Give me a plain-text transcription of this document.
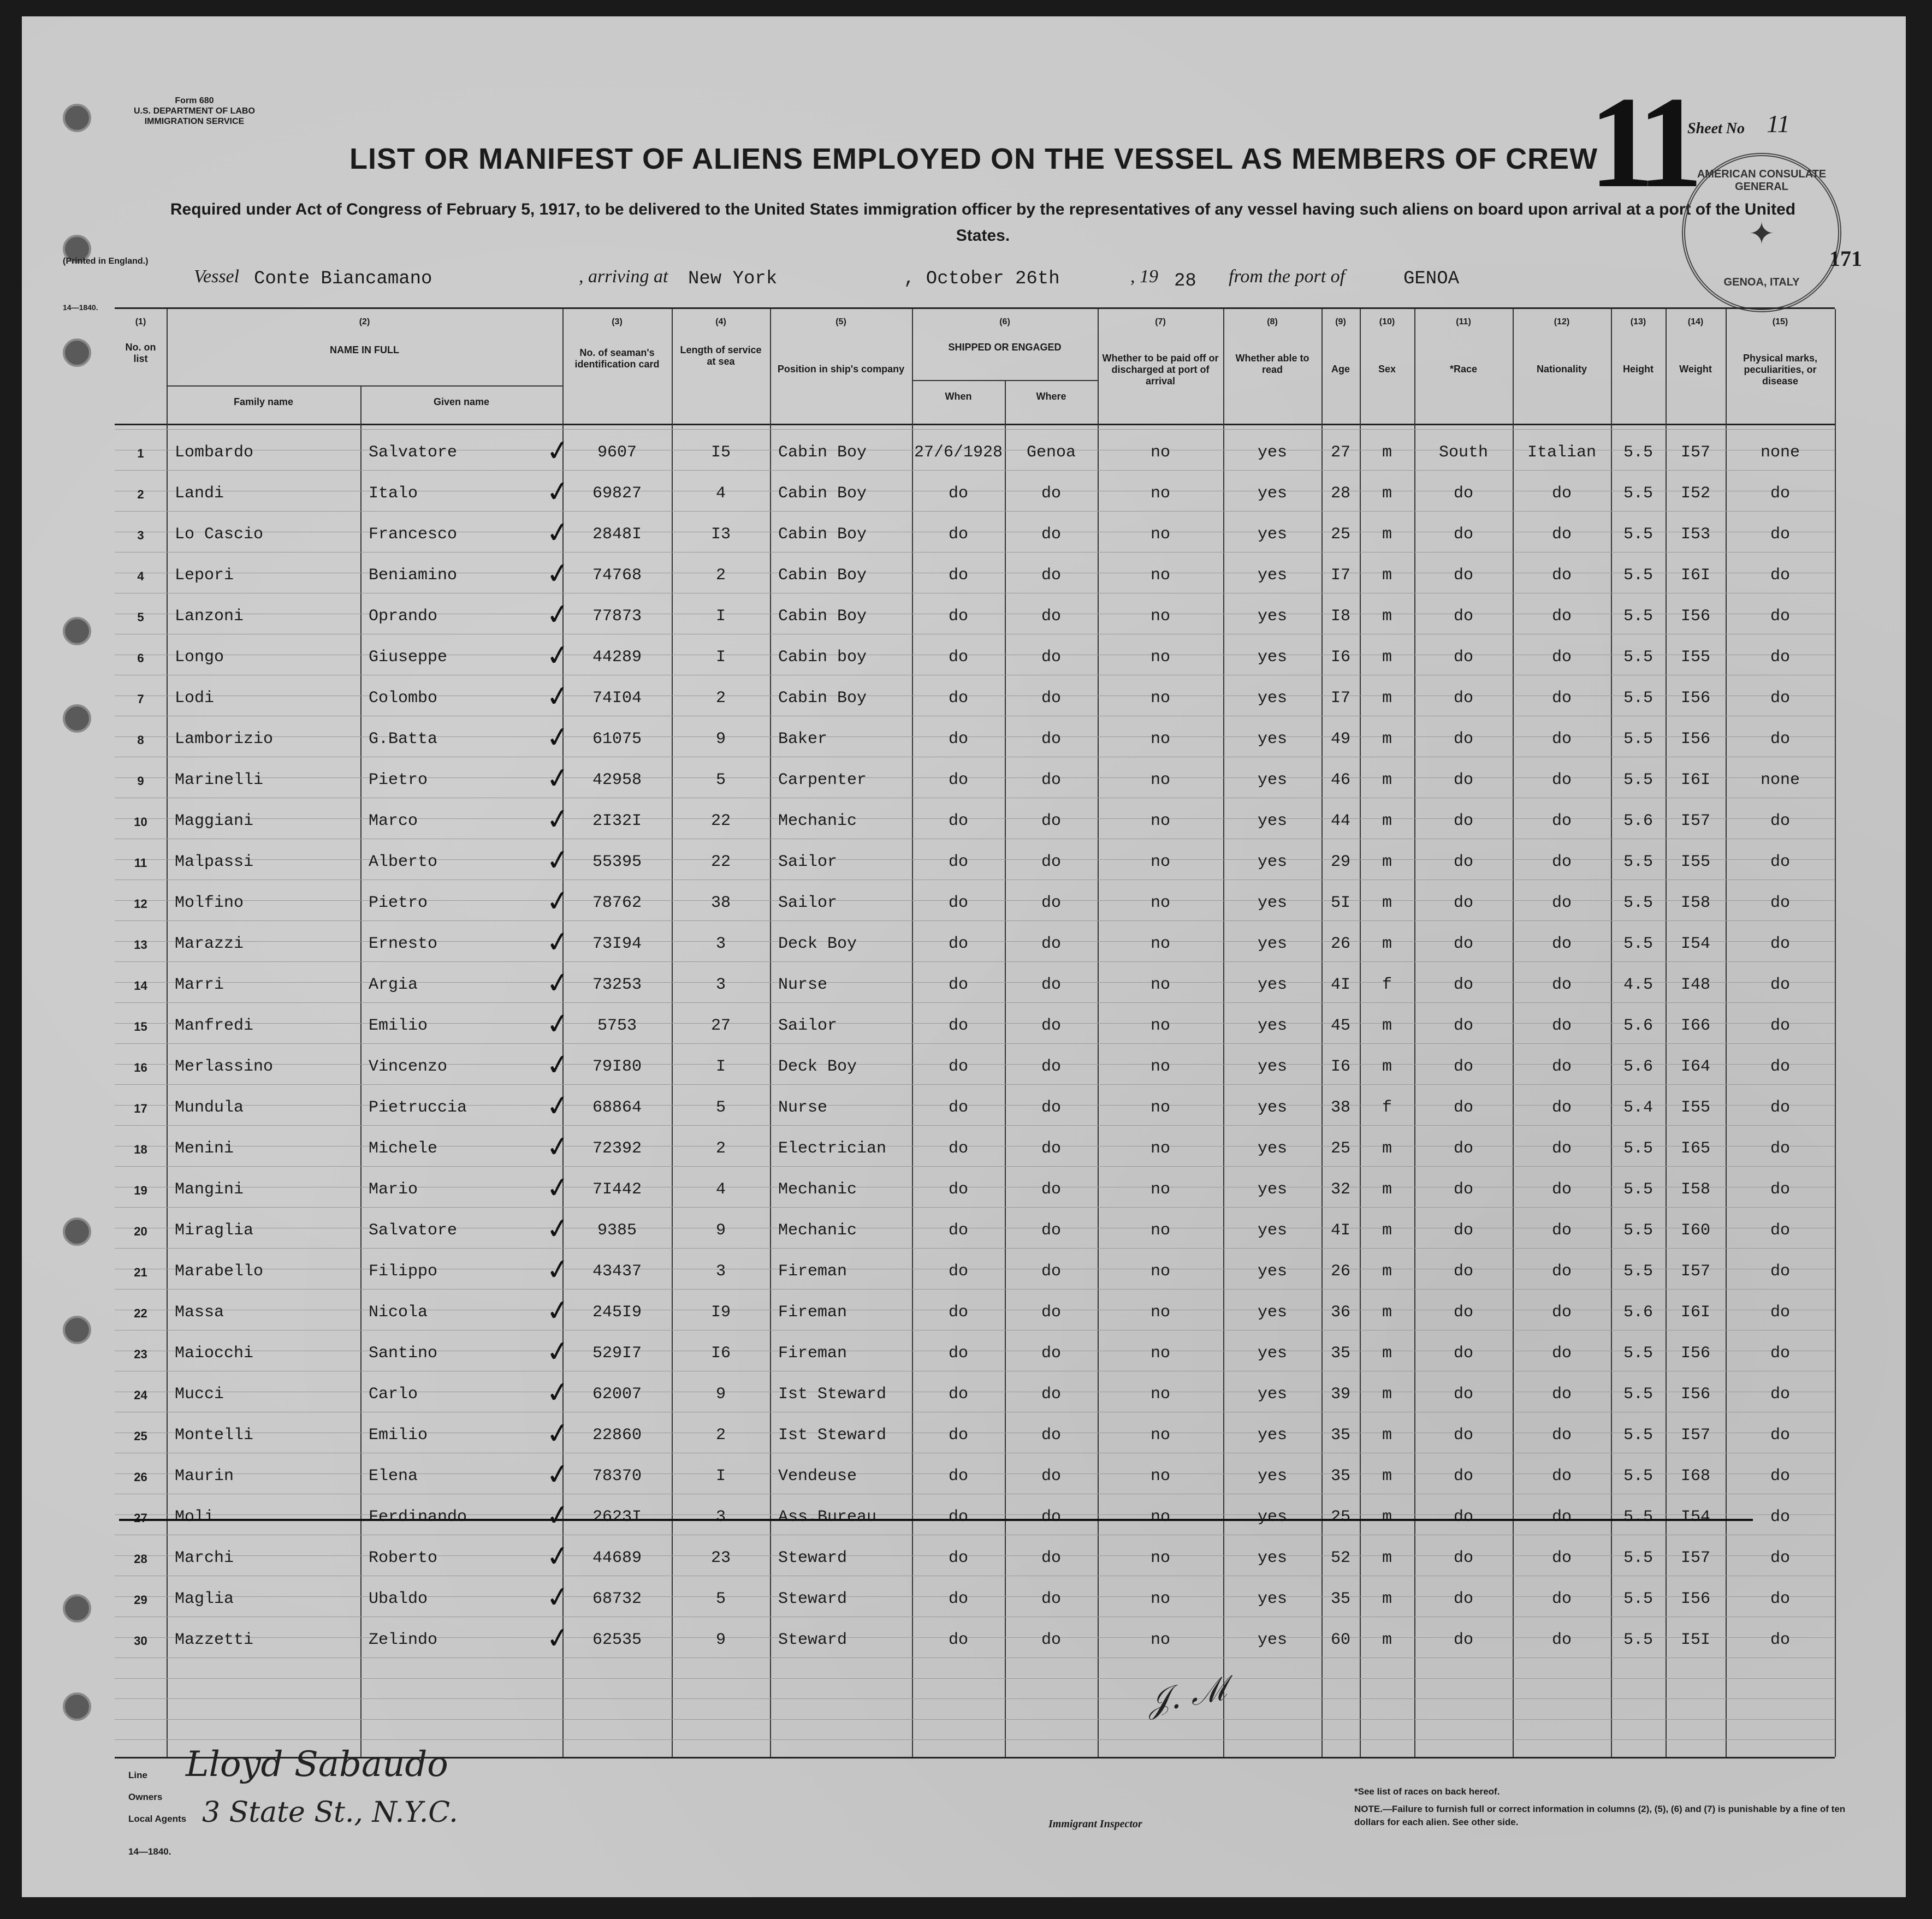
Form 680
U.S. DEPARTMENT OF LABO
IMMIGRATION SERVICE	11
Sheet No 11
LIST OR MANIFEST OF ALIENS EMPLOYED ON THE VESSEL AS MEMBERS OF CREW
Required under Act of Congress of February 5, 1917, to be delivered to the United States immigration officer by the representatives of any vessel having such aliens on board upon arrival at a port of the United States.
AMERICAN CONSULATE GENERAL
✦
GENOA, ITALY
171
(Printed in England.)
14—1840.
Vessel Conte Biancamano	, arriving at New York	, October 26th	, 19 28 from the port of	GENOA
Family name	Given name	When	Where
(1)
No. on list
(2)
NAME IN FULL
(3)
No. of seaman's identification card
(4)
Length of service at sea
(5)
Position in ship's company
(6)
SHIPPED OR ENGAGED
(7)
Whether to be paid off or discharged at port of arrival
(8)
Whether able to read
(9)
Age
(10)
Sex
(11)
*Race
(12)
Nationality
(13)
Height
(14)
Weight
(15)
Physical marks, peculiarities, or disease
1	Lombardo	Salvatore	9607	I5	Cabin Boy	27/6/1928	Genoa	no	yes	27	m	South	Italian	5.5	I57	none
✓
2	Landi	Italo	69827	4	Cabin Boy	do	do	no	yes	28	m	do	do	5.5	I52	do
✓
3	Lo Cascio	Francesco	2848I	I3	Cabin Boy	do	do	no	yes	25	m	do	do	5.5	I53	do
✓
4	Lepori	Beniamino	74768	2	Cabin Boy	do	do	no	yes	I7	m	do	do	5.5	I6I	do
✓
5	Lanzoni	Oprando	77873	I	Cabin Boy	do	do	no	yes	I8	m	do	do	5.5	I56	do
✓
6	Longo	Giuseppe	44289	I	Cabin boy	do	do	no	yes	I6	m	do	do	5.5	I55	do
✓
7	Lodi	Colombo	74I04	2	Cabin Boy	do	do	no	yes	I7	m	do	do	5.5	I56	do
✓
8	Lamborizio	G.Batta	61075	9	Baker	do	do	no	yes	49	m	do	do	5.5	I56	do
✓
9	Marinelli	Pietro	42958	5	Carpenter	do	do	no	yes	46	m	do	do	5.5	I6I	none
✓
10	Maggiani	Marco	2I32I	22	Mechanic	do	do	no	yes	44	m	do	do	5.6	I57	do
✓
11	Malpassi	Alberto	55395	22	Sailor	do	do	no	yes	29	m	do	do	5.5	I55	do
✓
12	Molfino	Pietro	78762	38	Sailor	do	do	no	yes	5I	m	do	do	5.5	I58	do
✓
13	Marazzi	Ernesto	73I94	3	Deck Boy	do	do	no	yes	26	m	do	do	5.5	I54	do
✓
14	Marri	Argia	73253	3	Nurse	do	do	no	yes	4I	f	do	do	4.5	I48	do
✓
15	Manfredi	Emilio	5753	27	Sailor	do	do	no	yes	45	m	do	do	5.6	I66	do
✓
16	Merlassino	Vincenzo	79I80	I	Deck Boy	do	do	no	yes	I6	m	do	do	5.6	I64	do
✓
17	Mundula	Pietruccia	68864	5	Nurse	do	do	no	yes	38	f	do	do	5.4	I55	do
✓
18	Menini	Michele	72392	2	Electrician	do	do	no	yes	25	m	do	do	5.5	I65	do
✓
19	Mangini	Mario	7I442	4	Mechanic	do	do	no	yes	32	m	do	do	5.5	I58	do
✓
20	Miraglia	Salvatore	9385	9	Mechanic	do	do	no	yes	4I	m	do	do	5.5	I60	do
✓
21	Marabello	Filippo	43437	3	Fireman	do	do	no	yes	26	m	do	do	5.5	I57	do
✓
22	Massa	Nicola	245I9	I9	Fireman	do	do	no	yes	36	m	do	do	5.6	I6I	do
✓
23	Maiocchi	Santino	529I7	I6	Fireman	do	do	no	yes	35	m	do	do	5.5	I56	do
✓
24	Mucci	Carlo	62007	9	Ist Steward	do	do	no	yes	39	m	do	do	5.5	I56	do
✓
25	Montelli	Emilio	22860	2	Ist Steward	do	do	no	yes	35	m	do	do	5.5	I57	do
✓
26	Maurin	Elena	78370	I	Vendeuse	do	do	no	yes	35	m	do	do	5.5	I68	do
✓
27	Moli	Ferdinando	2623I	3	Ass.Bureau	do	do	no	yes	25	m	do	do	5.5	I54	do
✓
28	Marchi	Roberto	44689	23	Steward	do	do	no	yes	52	m	do	do	5.5	I57	do
✓
29	Maglia	Ubaldo	68732	5	Steward	do	do	no	yes	35	m	do	do	5.5	I56	do
✓
30	Mazzetti	Zelindo	62535	9	Steward	do	do	no	yes	60	m	do	do	5.5	I5I	do
✓
Line
Owners
Local Agents
14—1840.
Lloyd Sabaudo
3 State St., N.Y.C.
𝒥. ℳ
Immigrant Inspector
*See list of races on back hereof.
NOTE.—Failure to furnish full or correct information in columns (2), (5), (6) and (7) is punishable by a fine of ten dollars for each alien. See other side.
